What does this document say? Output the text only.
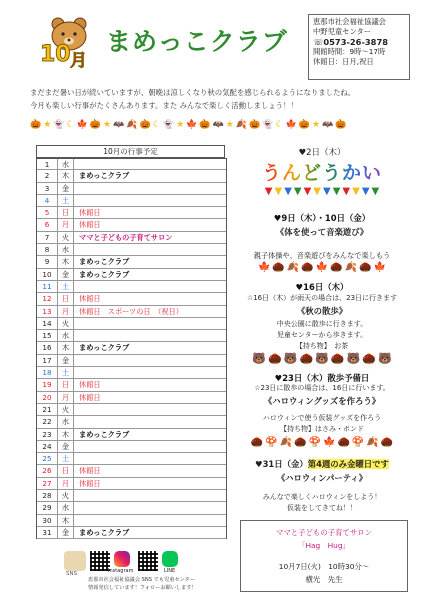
10 月
まめっこクラブ
恵那市社会福祉協議会
中野児童センター
☏0573-26-3878
開館時間：9時～17時
休館日：日月,祝日
まだまだ暑い日が続いていますが、朝晩は涼しくなり秋の気配を感じられるようになりましたね。
今月も楽しい行事がたくさんあります。また みんなで楽しく活動しましょう！！
🎃 ★ 👻 ☾ 🍁 🎃 ★ 🦇 🍂 🎃 ☾ 👻 ★ 🍁 🎃 🦇 ★ 🍂 🎃 👻 ☾ 🍁 🎃 ★ 🦇 🎃
10月の行事予定
1	水
2	木	まめっこクラブ
3	金
4	土
5	日	休館日
6	月	休館日
7	火	ママと子どもの子育てサロン
8	水
9	木	まめっこクラブ
10	金	まめっこクラブ
11	土
12	日	休館日
13	月	休館日　スポーツの日　（祝日）
14	火
15	水
16	木	まめっこクラブ
17	金
18	土
19	日	休館日
20	月	休館日
21	火
22	水
23	木	まめっこクラブ
24	金
25	土
26	日	休館日
27	月	休館日
28	火
29	水
30	木
31	金	まめっこクラブ
♥2日（木）
うんどうかい
▼ ▼ ▼ ▼ ▼ ▼ ▼ ▼ ▼ ▼ ▼ ▼
♥9日（木）・10日（金）
《体を使って音楽遊び》
親子体操や、音楽遊びをみんなで楽しもう
🍁 🌰 🍂 🌰 🍁 🌰 🍂 🌰 🍁
♥16日（木）
☆16日（木）が雨天の場合は、23日に行きます
《秋の散歩》
中央公園に散歩に行きます。
児童センターから歩きます。
【持ち物】　お茶
🐻 🌰 🐻 🌰 🐻 🌰 🐻 🌰 🐻
♥23日（木）散歩予備日
☆23日に散歩の場合は、16日に行います。
《ハロウィングッズを作ろう》
ハロウィンで使う仮装グッズを作ろう
【持ち物】はさみ・ボンド
🌰 🍄 🍂 🌰 🍄 🍁 🌰 🍄 🍂 🌰
♥31日（金）第4週のみ金曜日です
《ハロウィンパーティ》
みんなで楽しくハロウィンをしよう！
仮装をしてきてね！！
ママと子どもの子育てサロン
「Hag　Hug」
10月7日(火)　10時30分～
横光　先生
SNS	Instagram	LINE
恵那市社会福祉協議会 SNS でも児童センター
情報発信しています！フォローお願いします！
